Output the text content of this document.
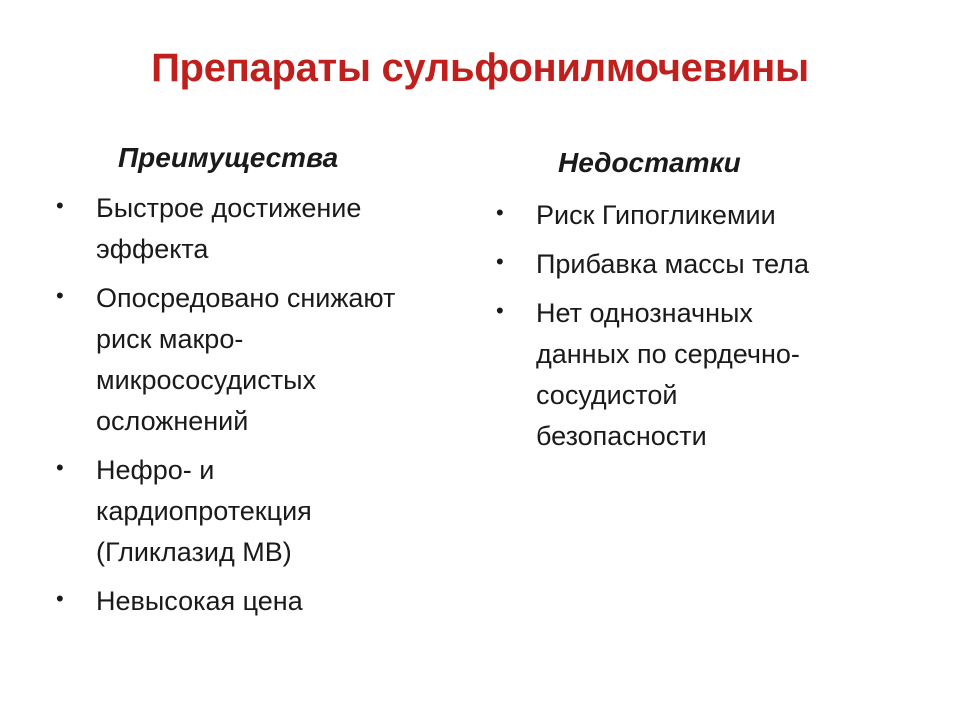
Препараты сульфонилмочевины
Преимущества
• Быстрое достижение
эффекта
• Опосредовано снижают
риск макро-
микрососудистых
осложнений
• Нефро- и
кардиопротекция
(Гликлазид МВ)
• Невысокая цена
Недостатки
• Риск Гипогликемии
• Прибавка массы тела
• Нет однозначных
данных по сердечно-
сосудистой
безопасности
